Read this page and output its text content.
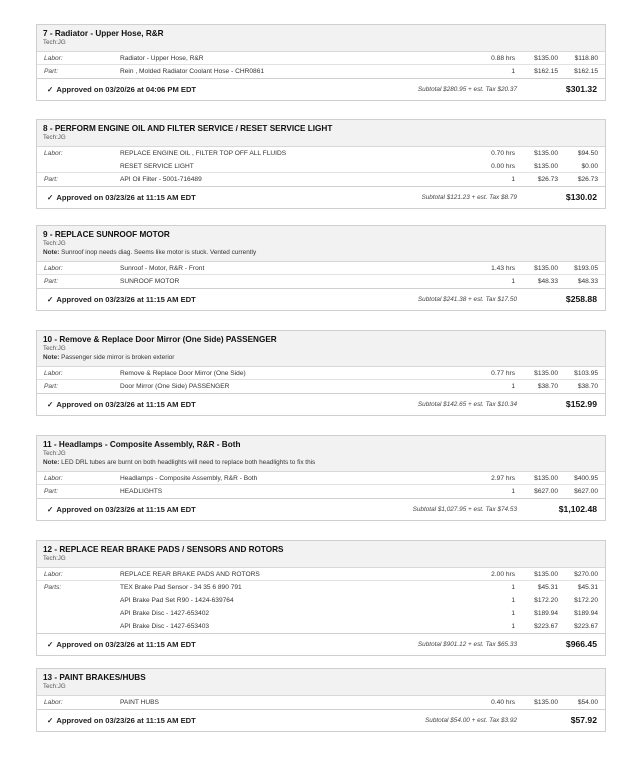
7 - Radiator - Upper Hose, R&R
Tech:JG
Labor:	Radiator - Upper Hose, R&R	0.88 hrs	$135.00	$118.80
Part:	Rein , Molded Radiator Coolant Hose - CHR0861	1	$162.15 $162.15
✓ Approved on 03/20/26 at 04:06 PM EDT	Subtotal $280.95 + est. Tax $20.37	$301.32
8 - PERFORM ENGINE OIL AND FILTER SERVICE / RESET SERVICE LIGHT
Tech:JG
Labor:	REPLACE ENGINE OIL , FILTER TOP OFF ALL FLUIDS	0.70 hrs	$135.00	$94.50
RESET SERVICE LIGHT	0.00 hrs	$135.00	$0.00
Part:	API Oil Filter - 5001-716489	1	$26.73	$26.73
✓ Approved on 03/23/26 at 11:15 AM EDT	Subtotal $121.23 + est. Tax $8.79	$130.02
9 - REPLACE SUNROOF MOTOR
Tech:JG
Note: Sunroof inop needs diag. Seems like motor is stuck. Vented currently
Labor:	Sunroof - Motor, R&R - Front	1.43 hrs	$135.00 $193.05
Part:	SUNROOF MOTOR	1	$48.33	$48.33
✓ Approved on 03/23/26 at 11:15 AM EDT	Subtotal $241.38 + est. Tax $17.50	$258.88
10 - Remove & Replace Door Mirror (One Side) PASSENGER
Tech:JG
Note: Passenger side mirror is broken exterior
Labor:	Remove & Replace Door Mirror (One Side)	0.77 hrs	$135.00 $103.95
Part:	Door Mirror (One Side) PASSENGER	1	$38.70	$38.70
✓ Approved on 03/23/26 at 11:15 AM EDT	Subtotal $142.65 + est. Tax $10.34	$152.99
11 - Headlamps - Composite Assembly, R&R - Both
Tech:JG
Note: LED DRL tubes are burnt on both headlights will need to replace both headlights to fix this
Labor:	Headlamps - Composite Assembly, R&R - Both	2.97 hrs	$135.00 $400.95
Part:	HEADLIGHTS	1	$627.00 $627.00
✓ Approved on 03/23/26 at 11:15 AM EDT	Subtotal $1,027.95 + est. Tax $74.53	$1,102.48
12 - REPLACE REAR BRAKE PADS / SENSORS AND ROTORS
Tech:JG
Labor:	REPLACE REAR BRAKE PADS AND ROTORS	2.00 hrs	$135.00 $270.00
Parts:	TEX Brake Pad Sensor - 34 35 6 890 791	1	$45.31	$45.31
API Brake Pad Set R90 - 1424-639764	1	$172.20 $172.20
API Brake Disc - 1427-653402	1	$189.94 $189.94
API Brake Disc - 1427-653403	1	$223.67 $223.67
✓ Approved on 03/23/26 at 11:15 AM EDT	Subtotal $901.12 + est. Tax $65.33	$966.45
13 - PAINT BRAKES/HUBS
Tech:JG
Labor:	PAINT HUBS	0.40 hrs	$135.00	$54.00
✓ Approved on 03/23/26 at 11:15 AM EDT	Subtotal $54.00 + est. Tax $3.92	$57.92
